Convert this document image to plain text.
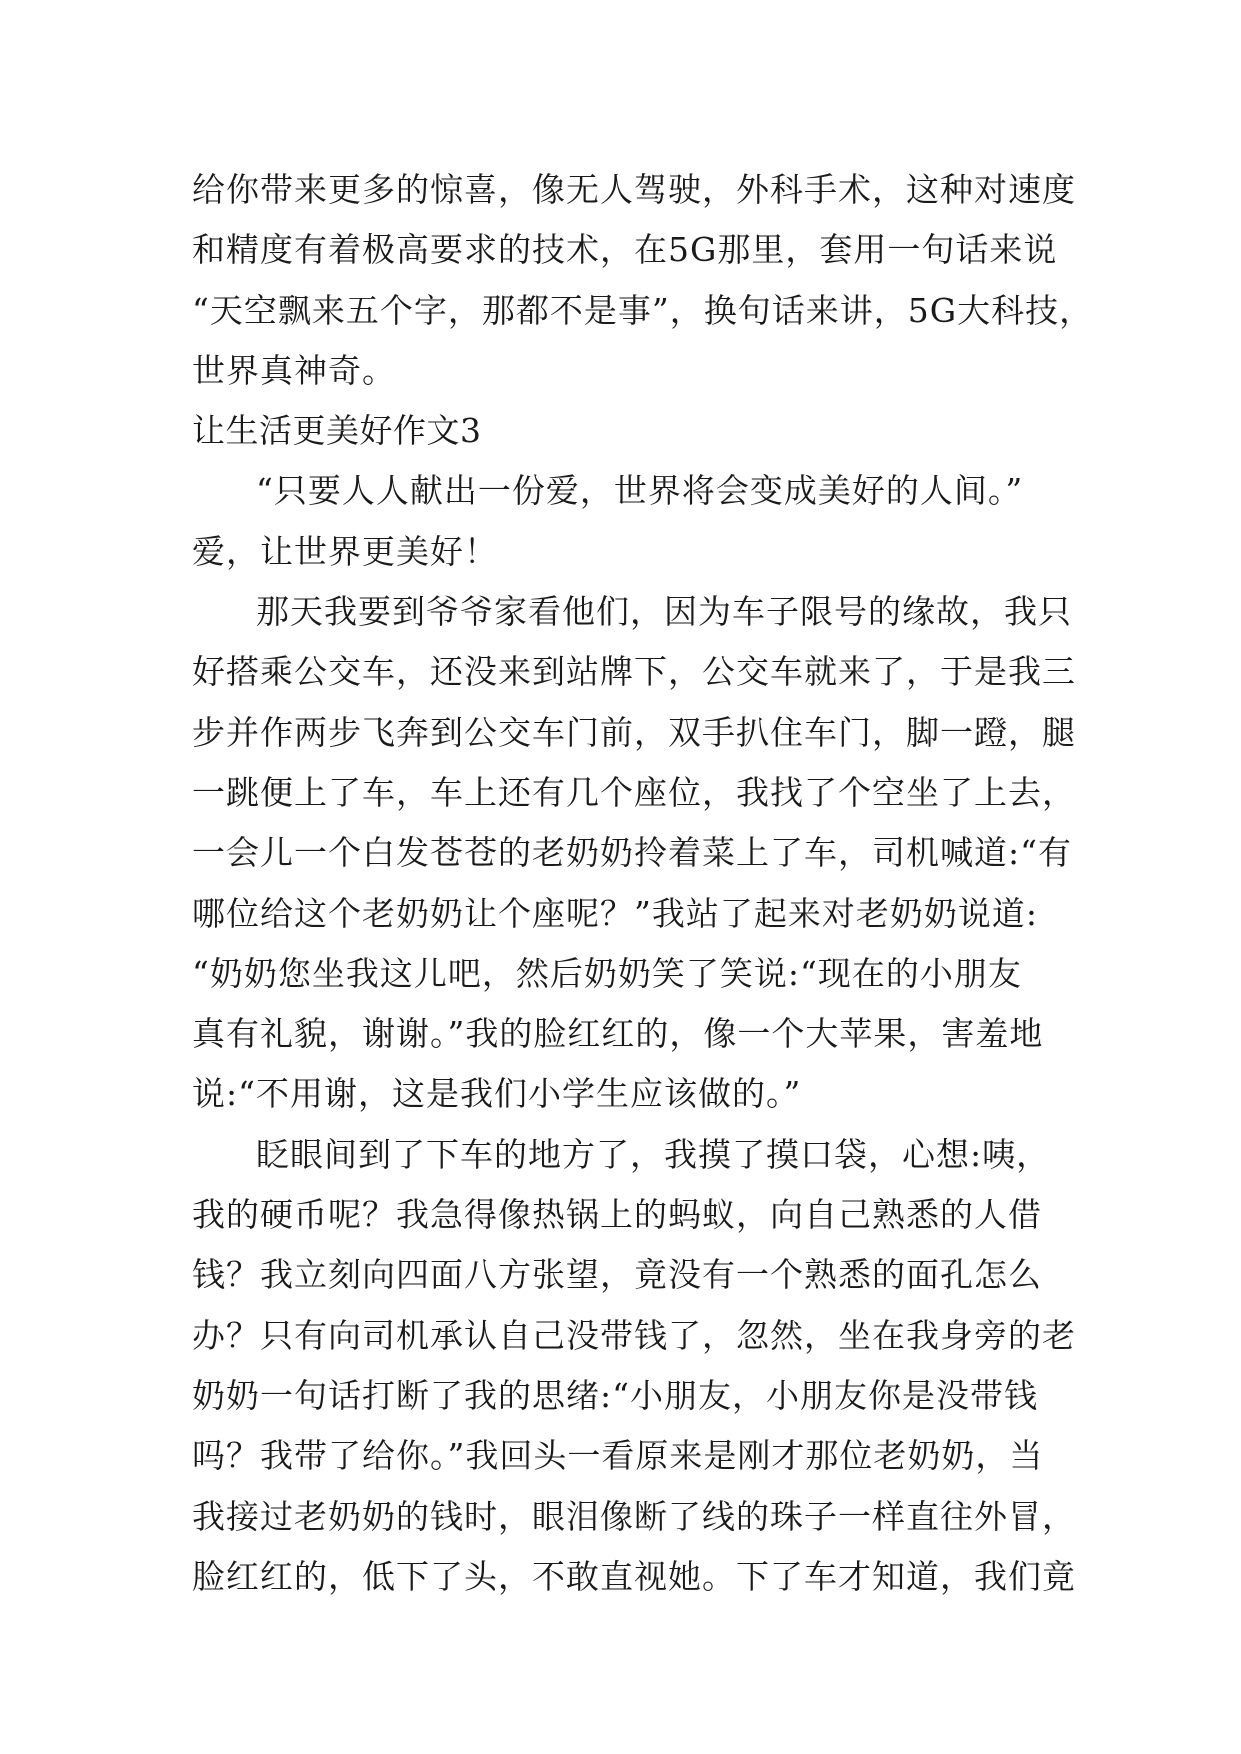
给你带来更多的惊喜，像无人驾驶，外科手术，这种对速度
和精度有着极高要求的技术，在5G那里，套用一句话来说
“天空飘来五个字，那都不是事”，换句话来讲，5G大科技，
世界真神奇。
让生活更美好作文3
“只要人人献出一份爱，世界将会变成美好的人间。”
爱，让世界更美好！
那天我要到爷爷家看他们，因为车子限号的缘故，我只
好搭乘公交车，还没来到站牌下，公交车就来了，于是我三
步并作两步飞奔到公交车门前，双手扒住车门，脚一蹬，腿
一跳便上了车，车上还有几个座位，我找了个空坐了上去，
一会儿一个白发苍苍的老奶奶拎着菜上了车，司机喊道:“有
哪位给这个老奶奶让个座呢？”我站了起来对老奶奶说道:
“奶奶您坐我这儿吧，然后奶奶笑了笑说:“现在的小朋友
真有礼貌，谢谢。”我的脸红红的，像一个大苹果，害羞地
说:“不用谢，这是我们小学生应该做的。”
眨眼间到了下车的地方了，我摸了摸口袋，心想:咦，
我的硬币呢？我急得像热锅上的蚂蚁，向自己熟悉的人借
钱？我立刻向四面八方张望，竟没有一个熟悉的面孔怎么
办？只有向司机承认自己没带钱了，忽然，坐在我身旁的老
奶奶一句话打断了我的思绪:“小朋友，小朋友你是没带钱
吗？我带了给你。”我回头一看原来是刚才那位老奶奶，当
我接过老奶奶的钱时，眼泪像断了线的珠子一样直往外冒，
脸红红的，低下了头，不敢直视她。下了车才知道，我们竟
